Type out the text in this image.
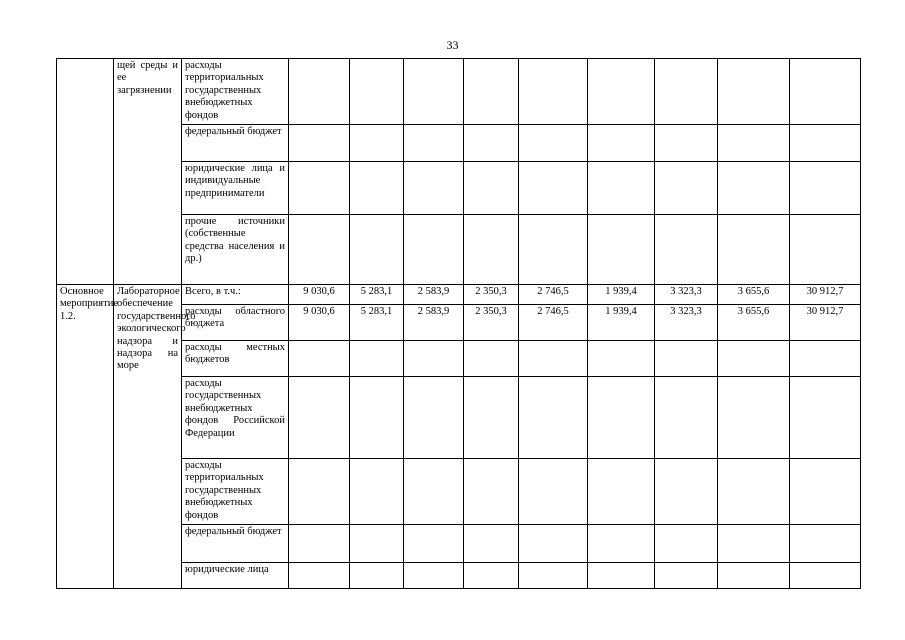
33
	щей среды и ее загрязнении	расходы территориальных государственных внебюджетных фондов									
		федеральный бюджет									
		юридические лица и индивидуальные предприниматели									
		прочие источники (собственные средства населения и др.)									
Основное мероприятие 1.2.	Лабораторное обеспечение государственного экологического надзора и надзора на море	Всего, в т.ч.:	9 030,6	5 283,1	2 583,9	2 350,3	2 746,5	1 939,4	3 323,3	3 655,6	30 912,7
		расходы областного бюджета	9 030,6	5 283,1	2 583,9	2 350,3	2 746,5	1 939,4	3 323,3	3 655,6	30 912,7
		расходы местных бюджетов									
		расходы государственных внебюджетных фондов Российской Федерации									
		расходы территориальных государственных внебюджетных фондов									
		федеральный бюджет									
		юридические лица									
